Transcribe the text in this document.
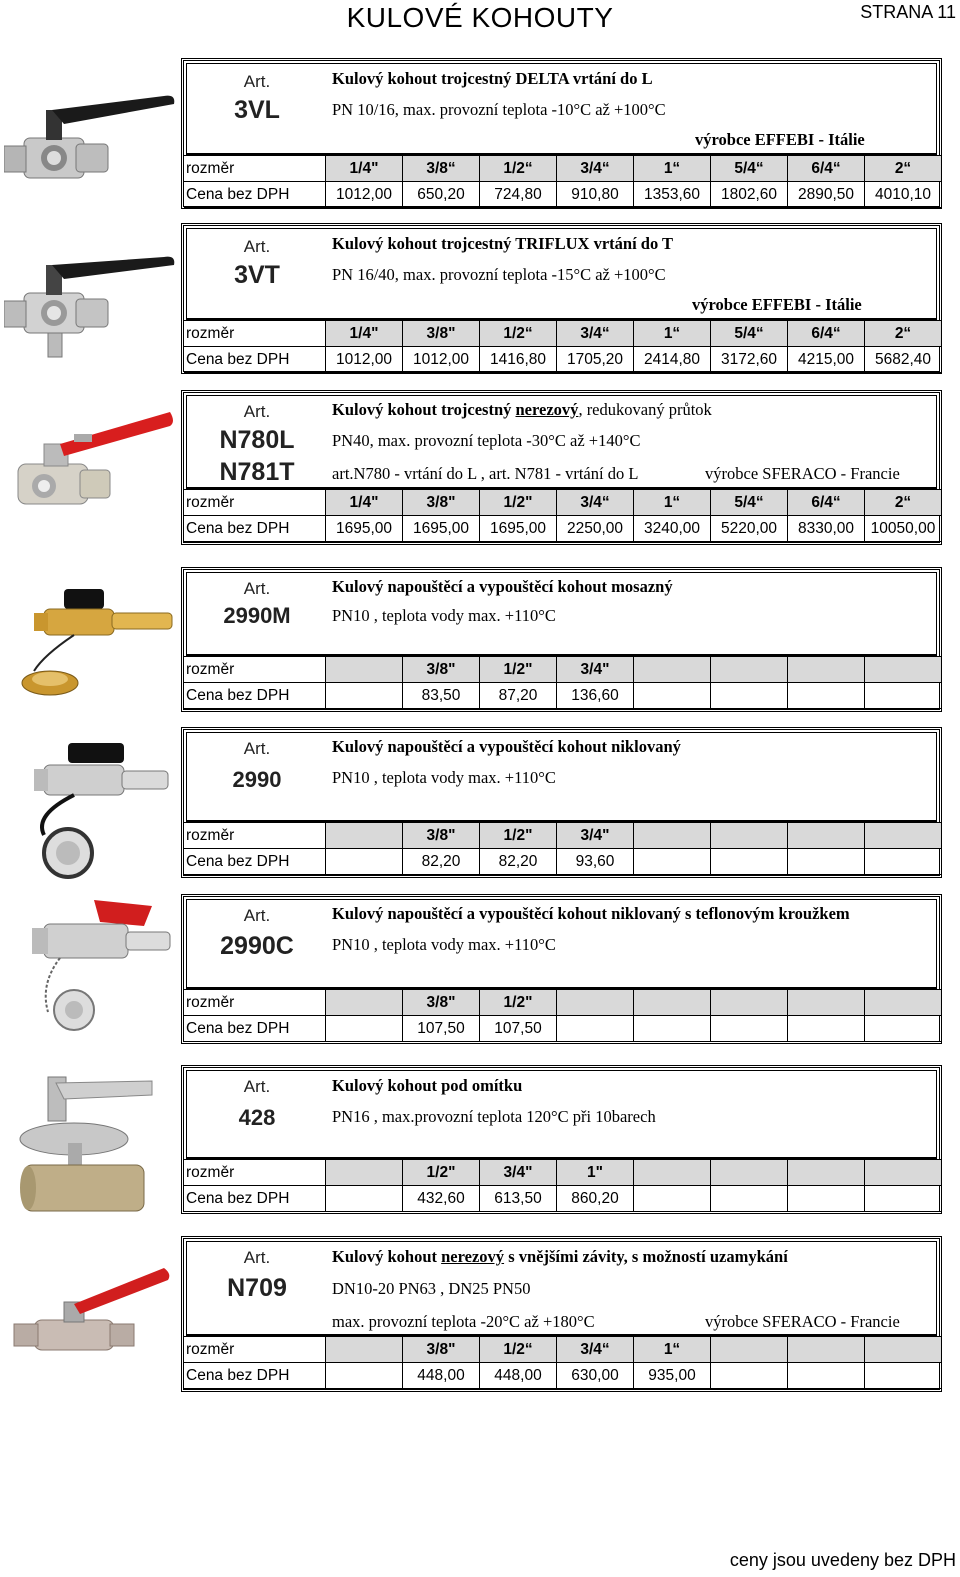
KULOVÉ KOHOUTY	STRANA 11
Art.
3VL
Kulový kohout trojcestný DELTA vrtání do L
PN 10/16, max. provozní teplota -10°C až +100°C
výrobce EFFEBI - Itálie
rozměr	1/4"	3/8“	1/2“	3/4“	1“	5/4“	6/4“	2“
Cena bez DPH	1012,00	650,20	724,80	910,80	1353,60	1802,60	2890,50	4010,10
Art.
3VT
Kulový kohout trojcestný TRIFLUX vrtání do T
PN 16/40, max. provozní teplota -15°C až +100°C
výrobce EFFEBI - Itálie
rozměr	1/4"	3/8"	1/2“	3/4“	1“	5/4“	6/4“	2“
Cena bez DPH	1012,00	1012,00	1416,80	1705,20	2414,80	3172,60	4215,00	5682,40
Art.
N780L
N781T
Kulový kohout trojcestný nerezový, redukovaný průtok
PN40, max. provozní teplota -30°C až +140°C
art.N780 - vrtání do L , art. N781 - vrtání do L	výrobce SFERACO - Francie
rozměr	1/4"	3/8"	1/2"	3/4“	1“	5/4“	6/4“	2“
Cena bez DPH	1695,00	1695,00	1695,00	2250,00	3240,00	5220,00	8330,00	10050,00
Art.
2990M
Kulový napouštěcí a vypouštěcí kohout mosazný
PN10 , teplota vody max. +110°C
rozměr		3/8"	1/2"	3/4"				
Cena bez DPH		83,50	87,20	136,60				
Art.
2990
Kulový napouštěcí a vypouštěcí kohout niklovaný
PN10 , teplota vody max. +110°C
rozměr		3/8"	1/2"	3/4"				
Cena bez DPH		82,20	82,20	93,60				
Art.
2990C
Kulový napouštěcí a vypouštěcí kohout niklovaný s teflonovým kroužkem
PN10 , teplota vody max. +110°C
rozměr		3/8"	1/2"					
Cena bez DPH		107,50	107,50					
Art.
428
Kulový kohout pod omítku
PN16 , max.provozní teplota 120°C při 10barech
rozměr		1/2"	3/4"	1"				
Cena bez DPH		432,60	613,50	860,20				
Art.
N709
Kulový kohout nerezový s vnějšími závity, s možností uzamykání
DN10-20 PN63 , DN25 PN50
max. provozní teplota -20°C až +180°C	výrobce SFERACO - Francie
rozměr		3/8"	1/2“	3/4“	1“			
Cena bez DPH		448,00	448,00	630,00	935,00			
ceny jsou uvedeny bez DPH
